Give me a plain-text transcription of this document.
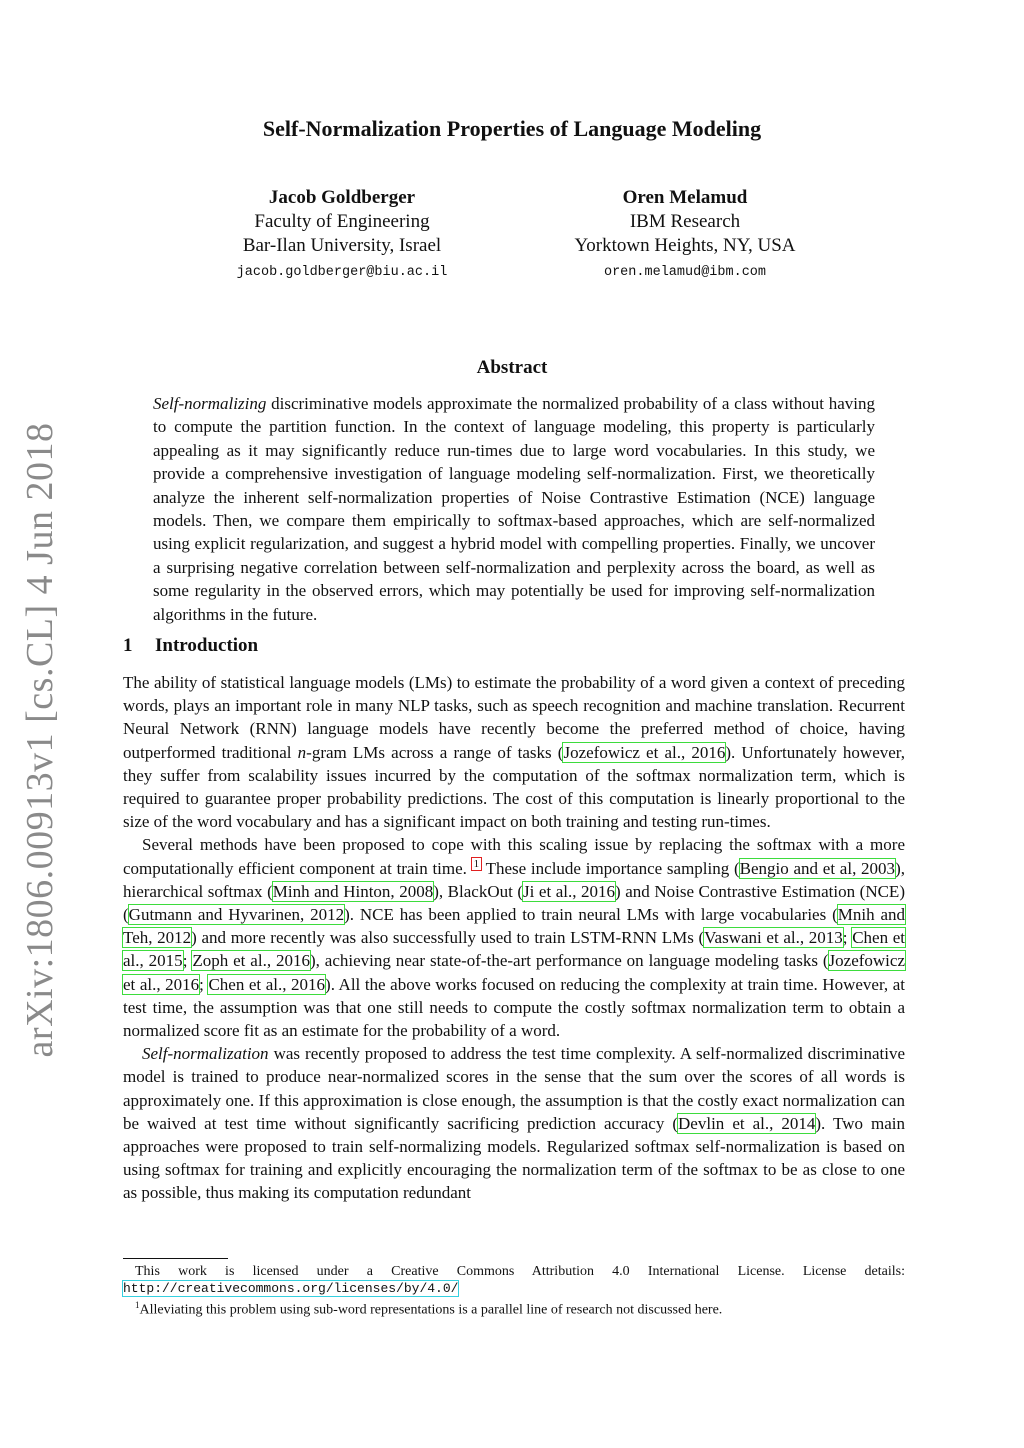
arXiv:1806.00913v1 [cs.CL] 4 Jun 2018
Self-Normalization Properties of Language Modeling
Jacob Goldberger
Faculty of Engineering
Bar-Ilan University, Israel
jacob.goldberger@biu.ac.il
Oren Melamud
IBM Research
Yorktown Heights, NY, USA
oren.melamud@ibm.com
Abstract
Self-normalizing discriminative models approximate the normalized probability of a class without having to compute the partition function. In the context of language modeling, this property is particularly appealing as it may significantly reduce run-times due to large word vocabularies. In this study, we provide a comprehensive investigation of language modeling self-normalization. First, we theoretically analyze the inherent self-normalization properties of Noise Contrastive Estimation (NCE) language models. Then, we compare them empirically to softmax-based approaches, which are self-normalized using explicit regularization, and suggest a hybrid model with compelling properties. Finally, we uncover a surprising negative correlation between self-normalization and perplexity across the board, as well as some regularity in the observed errors, which may potentially be used for improving self-normalization algorithms in the future.
1 Introduction

The ability of statistical language models (LMs) to estimate the probability of a word given a context of preceding words, plays an important role in many NLP tasks, such as speech recognition and machine translation. Recurrent Neural Network (RNN) language models have recently become the preferred method of choice, having outperformed traditional n-gram LMs across a range of tasks (Jozefowicz et al., 2016). Unfortunately however, they suffer from scalability issues incurred by the computation of the softmax normalization term, which is required to guarantee proper probability predictions. The cost of this computation is linearly proportional to the size of the word vocabulary and has a significant impact on both training and testing run-times.

Several methods have been proposed to cope with this scaling issue by replacing the softmax with a more computationally efficient component at train time. $^1$ These include importance sampling (Bengio and et al, 2003), hierarchical softmax (Minh and Hinton, 2008), BlackOut (Ji et al., 2016) and Noise Contrastive Estimation (NCE) (Gutmann and Hyvarinen, 2012). NCE has been applied to train neural LMs with large vocabularies (Mnih and Teh, 2012) and more recently was also successfully used to train LSTM-RNN LMs (Vaswani et al., 2013; Chen et al., 2015; Zoph et al., 2016), achieving near state-of-the-art performance on language modeling tasks (Jozefowicz et al., 2016; Chen et al., 2016). All the above works focused on reducing the complexity at train time. However, at test time, the assumption was that one still needs to compute the costly softmax normalization term to obtain a normalized score fit as an estimate for the probability of a word.

Self-normalization was recently proposed to address the test time complexity. A self-normalized discriminative model is trained to produce near-normalized scores in the sense that the sum over the scores of all words is approximately one. If this approximation is close enough, the assumption is that the costly exact normalization can be waived at test time without significantly sacrificing prediction accuracy (Devlin et al., 2014). Two main approaches were proposed to train self-normalizing models. Regularized softmax self-normalization is based on using softmax for training and explicitly encouraging the normalization term of the softmax to be as close to one as possible, thus making its computation redundant

This work is licensed under a Creative Commons Attribution 4.0 International License. License details: http://creativecommons.org/licenses/by/4.0/

$^1$Alleviating this problem using sub-word representations is a parallel line of research not discussed here.
